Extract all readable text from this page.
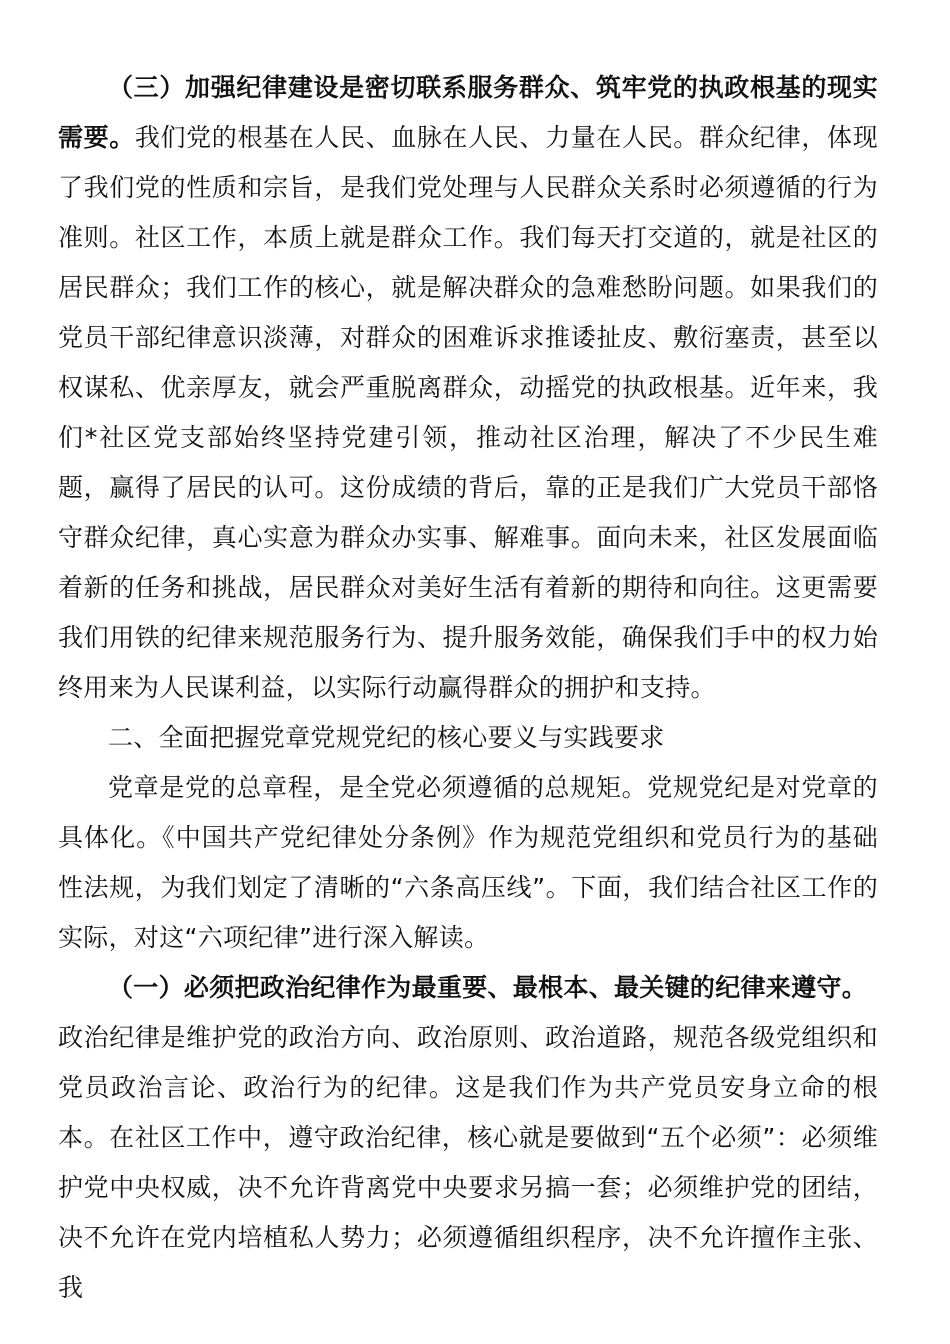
（三）加强纪律建设是密切联系服务群众、筑牢党的执政根基的现实需要。我们党的根基在人民、血脉在人民、力量在人民。群众纪律，体现了我们党的性质和宗旨，是我们党处理与人民群众关系时必须遵循的行为准则。社区工作，本质上就是群众工作。我们每天打交道的，就是社区的居民群众；我们工作的核心，就是解决群众的急难愁盼问题。如果我们的党员干部纪律意识淡薄，对群众的困难诉求推诿扯皮、敷衍塞责，甚至以权谋私、优亲厚友，就会严重脱离群众，动摇党的执政根基。近年来，我们*社区党支部始终坚持党建引领，推动社区治理，解决了不少民生难题，赢得了居民的认可。这份成绩的背后，靠的正是我们广大党员干部恪守群众纪律，真心实意为群众办实事、解难事。面向未来，社区发展面临着新的任务和挑战，居民群众对美好生活有着新的期待和向往。这更需要我们用铁的纪律来规范服务行为、提升服务效能，确保我们手中的权力始终用来为人民谋利益，以实际行动赢得群众的拥护和支持。

二、全面把握党章党规党纪的核心要义与实践要求

党章是党的总章程，是全党必须遵循的总规矩。党规党纪是对党章的具体化。《中国共产党纪律处分条例》作为规范党组织和党员行为的基础性法规，为我们划定了清晰的“六条高压线”。下面，我们结合社区工作的实际，对这“六项纪律”进行深入解读。

（一）必须把政治纪律作为最重要、最根本、最关键的纪律来遵守。
政治纪律是维护党的政治方向、政治原则、政治道路，规范各级党组织和党员政治言论、政治行为的纪律。这是我们作为共产党员安身立命的根本。在社区工作中，遵守政治纪律，核心就是要做到“五个必须”：必须维护党中央权威，决不允许背离党中央要求另搞一套；必须维护党的团结，决不允许在党内培植私人势力；必须遵循组织程序，决不允许擅作主张、我
